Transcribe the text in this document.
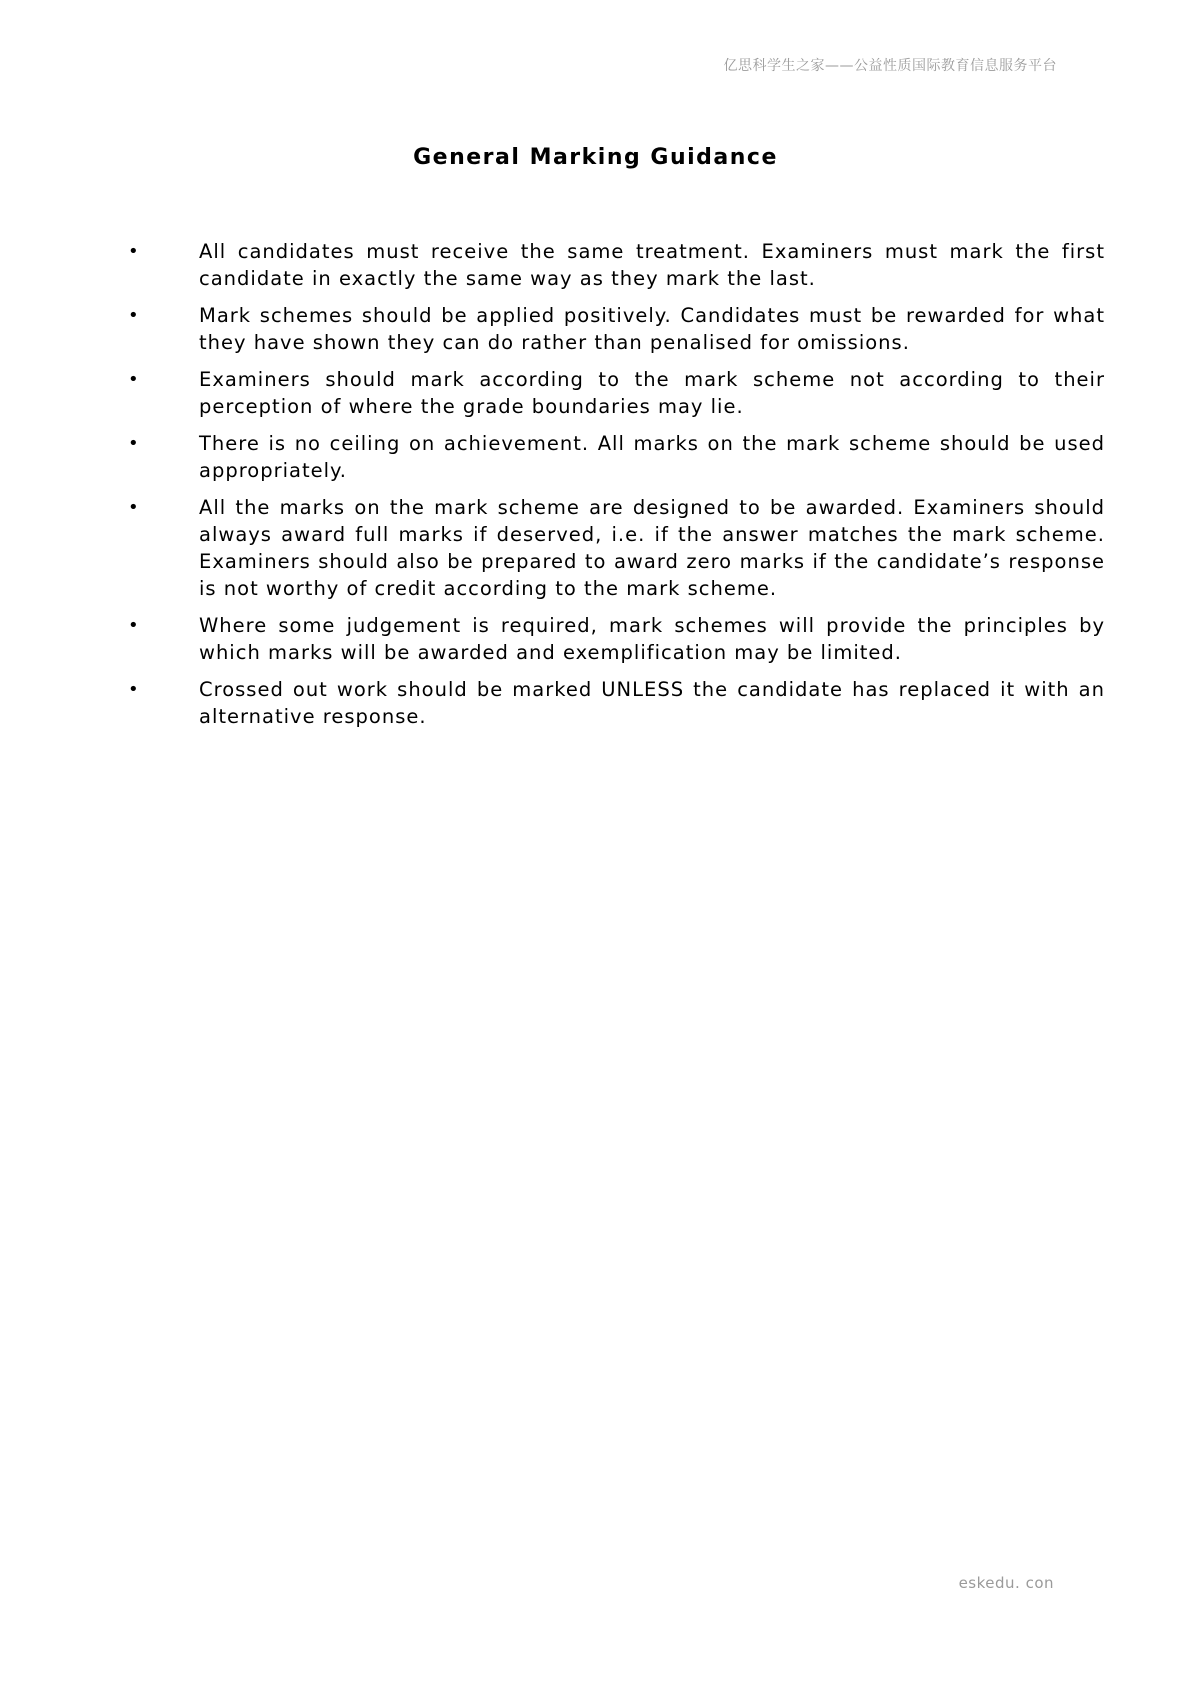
亿思科学生之家——公益性质国际教育信息服务平台
General Marking Guidance
•	All candidates must receive the same treatment. Examiners must mark the first candidate in exactly the same way as they mark the last.
•	Mark schemes should be applied positively. Candidates must be rewarded for what they have shown they can do rather than penalised for omissions.
•	Examiners should mark according to the mark scheme not according to their perception of where the grade boundaries may lie.
•	There is no ceiling on achievement. All marks on the mark scheme should be used appropriately.
•	All the marks on the mark scheme are designed to be awarded. Examiners should always award full marks if deserved, i.e. if the answer matches the mark scheme. Examiners should also be prepared to award zero marks if the candidate’s response is not worthy of credit according to the mark scheme.
•	Where some judgement is required, mark schemes will provide the principles by which marks will be awarded and exemplification may be limited.
•	Crossed out work should be marked UNLESS the candidate has replaced it with an alternative response.
eskedu. con
